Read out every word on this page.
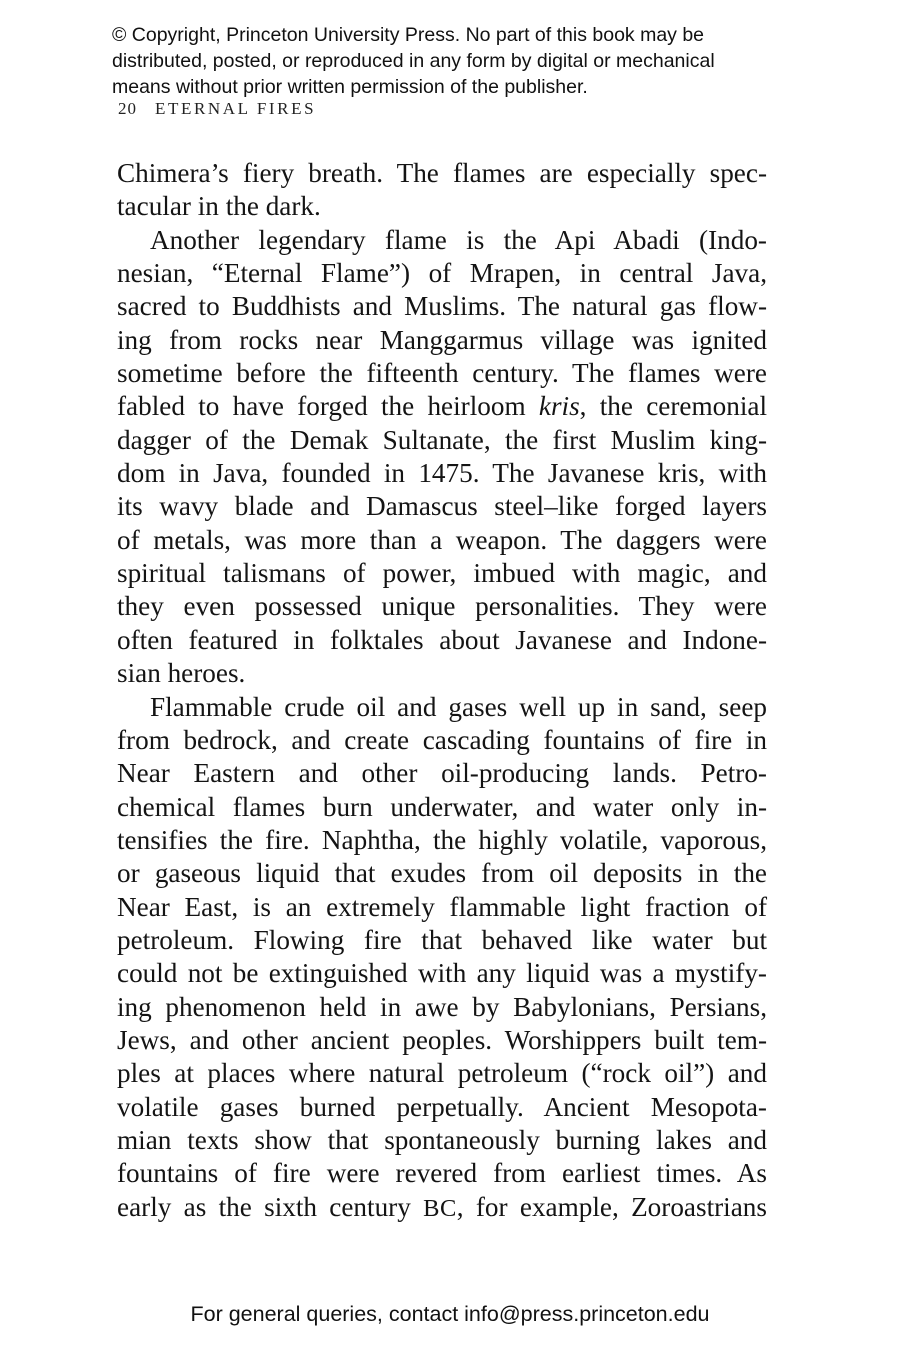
© Copyright, Princeton University Press. No part of this book may be
distributed, posted, or reproduced in any form by digital or mechanical
means without prior written permission of the publisher.
20 ETERNAL FIRES
Chimera’s fiery breath. The flames are especially spec-
tacular in the dark.
Another legendary flame is the Api Abadi (Indo-
nesian, “Eternal Flame”) of Mrapen, in central Java,
sacred to Buddhists and Muslims. The natural gas flow-
ing from rocks near Manggarmus village was ignited
sometime before the fifteenth century. The flames were
fabled to have forged the heirloom kris, the ceremonial
dagger of the Demak Sultanate, the first Muslim king-
dom in Java, founded in 1475. The Javanese kris, with
its wavy blade and Damascus steel–like forged layers
of metals, was more than a weapon. The daggers were
spiritual talismans of power, imbued with magic, and
they even possessed unique personalities. They were
often featured in folktales about Javanese and Indone-
sian heroes.
Flammable crude oil and gases well up in sand, seep
from bedrock, and create cascading fountains of fire in
Near Eastern and other oil-producing lands. Petro-
chemical flames burn underwater, and water only in-
tensifies the fire. Naphtha, the highly volatile, vaporous,
or gaseous liquid that exudes from oil deposits in the
Near East, is an extremely flammable light fraction of
petroleum. Flowing fire that behaved like water but
could not be extinguished with any liquid was a mystify-
ing phenomenon held in awe by Babylonians, Persians,
Jews, and other ancient peoples. Worshippers built tem-
ples at places where natural petroleum (“rock oil”) and
volatile gases burned perpetually. Ancient Mesopota-
mian texts show that spontaneously burning lakes and
fountains of fire were revered from earliest times. As
early as the sixth century BC, for example, Zoroastrians
For general queries, contact info@press.princeton.edu
